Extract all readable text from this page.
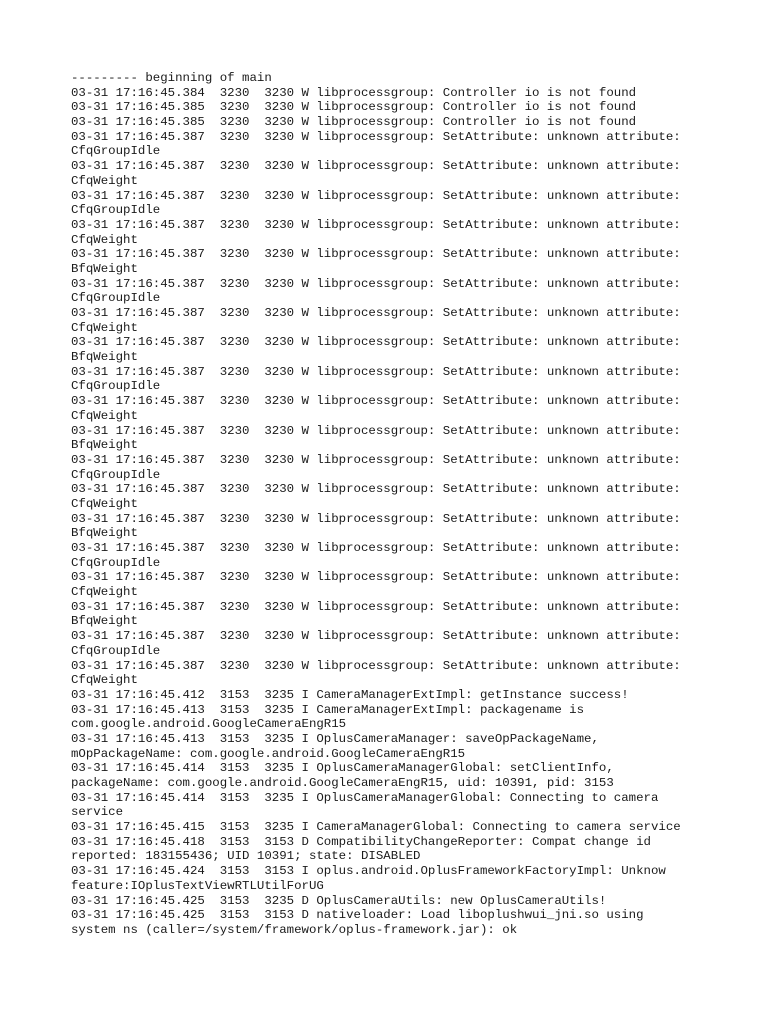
--------- beginning of main
03-31 17:16:45.384  3230  3230 W libprocessgroup: Controller io is not found
03-31 17:16:45.385  3230  3230 W libprocessgroup: Controller io is not found
03-31 17:16:45.385  3230  3230 W libprocessgroup: Controller io is not found
03-31 17:16:45.387  3230  3230 W libprocessgroup: SetAttribute: unknown attribute:
CfqGroupIdle
03-31 17:16:45.387  3230  3230 W libprocessgroup: SetAttribute: unknown attribute:
CfqWeight
03-31 17:16:45.387  3230  3230 W libprocessgroup: SetAttribute: unknown attribute:
CfqGroupIdle
03-31 17:16:45.387  3230  3230 W libprocessgroup: SetAttribute: unknown attribute:
CfqWeight
03-31 17:16:45.387  3230  3230 W libprocessgroup: SetAttribute: unknown attribute:
BfqWeight
03-31 17:16:45.387  3230  3230 W libprocessgroup: SetAttribute: unknown attribute:
CfqGroupIdle
03-31 17:16:45.387  3230  3230 W libprocessgroup: SetAttribute: unknown attribute:
CfqWeight
03-31 17:16:45.387  3230  3230 W libprocessgroup: SetAttribute: unknown attribute:
BfqWeight
03-31 17:16:45.387  3230  3230 W libprocessgroup: SetAttribute: unknown attribute:
CfqGroupIdle
03-31 17:16:45.387  3230  3230 W libprocessgroup: SetAttribute: unknown attribute:
CfqWeight
03-31 17:16:45.387  3230  3230 W libprocessgroup: SetAttribute: unknown attribute:
BfqWeight
03-31 17:16:45.387  3230  3230 W libprocessgroup: SetAttribute: unknown attribute:
CfqGroupIdle
03-31 17:16:45.387  3230  3230 W libprocessgroup: SetAttribute: unknown attribute:
CfqWeight
03-31 17:16:45.387  3230  3230 W libprocessgroup: SetAttribute: unknown attribute:
BfqWeight
03-31 17:16:45.387  3230  3230 W libprocessgroup: SetAttribute: unknown attribute:
CfqGroupIdle
03-31 17:16:45.387  3230  3230 W libprocessgroup: SetAttribute: unknown attribute:
CfqWeight
03-31 17:16:45.387  3230  3230 W libprocessgroup: SetAttribute: unknown attribute:
BfqWeight
03-31 17:16:45.387  3230  3230 W libprocessgroup: SetAttribute: unknown attribute:
CfqGroupIdle
03-31 17:16:45.387  3230  3230 W libprocessgroup: SetAttribute: unknown attribute:
CfqWeight
03-31 17:16:45.412  3153  3235 I CameraManagerExtImpl: getInstance success!
03-31 17:16:45.413  3153  3235 I CameraManagerExtImpl: packagename is
com.google.android.GoogleCameraEngR15
03-31 17:16:45.413  3153  3235 I OplusCameraManager: saveOpPackageName,
mOpPackageName: com.google.android.GoogleCameraEngR15
03-31 17:16:45.414  3153  3235 I OplusCameraManagerGlobal: setClientInfo,
packageName: com.google.android.GoogleCameraEngR15, uid: 10391, pid: 3153
03-31 17:16:45.414  3153  3235 I OplusCameraManagerGlobal: Connecting to camera
service
03-31 17:16:45.415  3153  3235 I CameraManagerGlobal: Connecting to camera service
03-31 17:16:45.418  3153  3153 D CompatibilityChangeReporter: Compat change id
reported: 183155436; UID 10391; state: DISABLED
03-31 17:16:45.424  3153  3153 I oplus.android.OplusFrameworkFactoryImpl: Unknow
feature:IOplusTextViewRTLUtilForUG
03-31 17:16:45.425  3153  3235 D OplusCameraUtils: new OplusCameraUtils!
03-31 17:16:45.425  3153  3153 D nativeloader: Load liboplushwui_jni.so using
system ns (caller=/system/framework/oplus-framework.jar): ok
